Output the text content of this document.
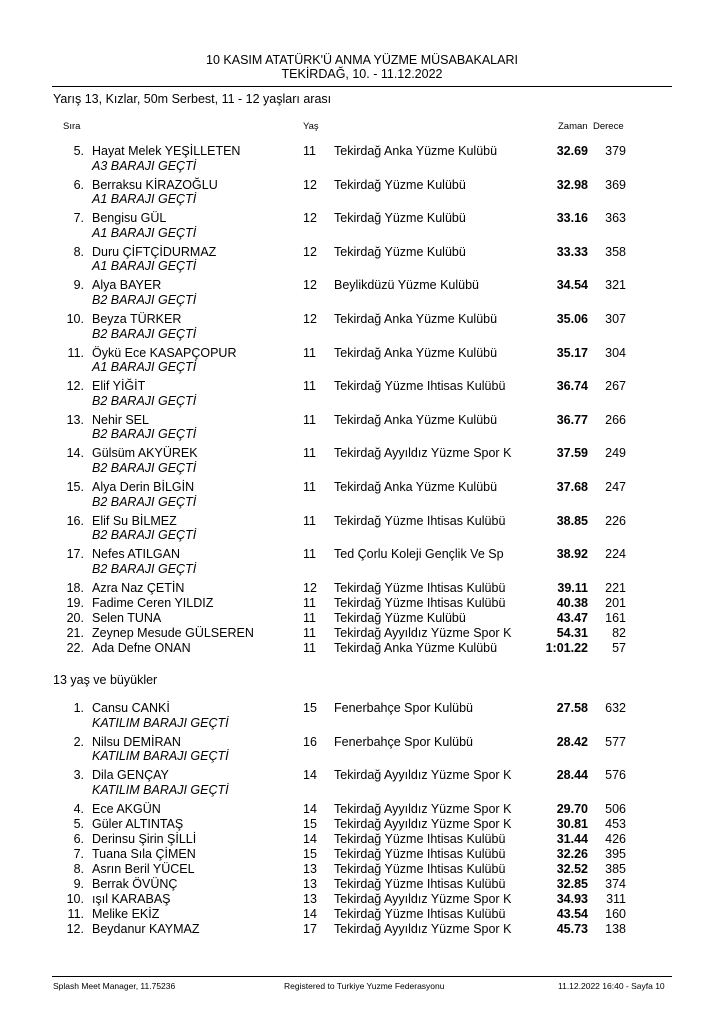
10 KASIM ATATÜRK'Ü ANMA YÜZME MÜSABAKALARI
TEKİRDAĞ, 10. - 11.12.2022
Yarış 13, Kızlar, 50m Serbest, 11 - 12 yaşları arası
Sıra	Yaş	Zaman Derece
5. Hayat Melek YEŞİLLETEN	11 Tekirdağ Anka Yüzme Kulübü	32.69	379
A3 BARAJI GEÇTİ
6. Berraksu KİRAZOĞLU	12 Tekirdağ Yüzme Kulübü	32.98	369
A1 BARAJI GEÇTİ
7. Bengisu GÜL	12 Tekirdağ Yüzme Kulübü	33.16	363
A1 BARAJI GEÇTİ
8. Duru ÇİFTÇİDURMAZ	12 Tekirdağ Yüzme Kulübü	33.33	358
A1 BARAJI GEÇTİ
9. Alya BAYER	12 Beylikdüzü Yüzme Kulübü	34.54	321
B2 BARAJI GEÇTİ
10. Beyza TÜRKER	12 Tekirdağ Anka Yüzme Kulübü	35.06	307
B2 BARAJI GEÇTİ
11. Öykü Ece KASAPÇOPUR	11 Tekirdağ Anka Yüzme Kulübü	35.17	304
A1 BARAJI GEÇTİ
12. Elif YİĞİT	11 Tekirdağ Yüzme Ihtisas Kulübü	36.74	267
B2 BARAJI GEÇTİ
13. Nehir SEL	11 Tekirdağ Anka Yüzme Kulübü	36.77	266
B2 BARAJI GEÇTİ
14. Gülsüm AKYÜREK	11 Tekirdağ Ayyıldız Yüzme Spor K	37.59	249
B2 BARAJI GEÇTİ
15. Alya Derin BİLGİN	11 Tekirdağ Anka Yüzme Kulübü	37.68	247
B2 BARAJI GEÇTİ
16. Elif Su BİLMEZ	11 Tekirdağ Yüzme Ihtisas Kulübü	38.85	226
B2 BARAJI GEÇTİ
17. Nefes ATILGAN	11 Ted Çorlu Koleji Gençlik Ve Sp	38.92	224
B2 BARAJI GEÇTİ
18. Azra Naz ÇETİN	12 Tekirdağ Yüzme Ihtisas Kulübü	39.11	221
19. Fadime Ceren YILDIZ	11 Tekirdağ Yüzme Ihtisas Kulübü	40.38	201
20. Selen TUNA	11 Tekirdağ Yüzme Kulübü	43.47	161
21. Zeynep Mesude GÜLSEREN	11 Tekirdağ Ayyıldız Yüzme Spor K	54.31	82
22. Ada Defne ONAN	11 Tekirdağ Anka Yüzme Kulübü	1:01.22	57
13 yaş ve büyükler
1. Cansu CANKİ	15 Fenerbahçe Spor Kulübü	27.58	632
KATILIM BARAJI GEÇTİ
2. Nilsu DEMİRAN	16 Fenerbahçe Spor Kulübü	28.42	577
KATILIM BARAJI GEÇTİ
3. Dila GENÇAY	14 Tekirdağ Ayyıldız Yüzme Spor K	28.44	576
KATILIM BARAJI GEÇTİ
4. Ece AKGÜN	14 Tekirdağ Ayyıldız Yüzme Spor K	29.70	506
5. Güler ALTINTAŞ	15 Tekirdağ Ayyıldız Yüzme Spor K	30.81	453
6. Derinsu Şirin ŞİLLİ	14 Tekirdağ Yüzme Ihtisas Kulübü	31.44	426
7. Tuana Sıla ÇİMEN	15 Tekirdağ Yüzme Ihtisas Kulübü	32.26	395
8. Asrın Beril YÜCEL	13 Tekirdağ Yüzme Ihtisas Kulübü	32.52	385
9. Berrak ÖVÜNÇ	13 Tekirdağ Yüzme Ihtisas Kulübü	32.85	374
10. ışıl KARABAŞ	13 Tekirdağ Ayyıldız Yüzme Spor K	34.93	311
11. Melike EKİZ	14 Tekirdağ Yüzme Ihtisas Kulübü	43.54	160
12. Beydanur KAYMAZ	17 Tekirdağ Ayyıldız Yüzme Spor K	45.73	138
Splash Meet Manager, 11.75236	Registered to Turkiye Yuzme Federasyonu	11.12.2022 16:40 - Sayfa 10
